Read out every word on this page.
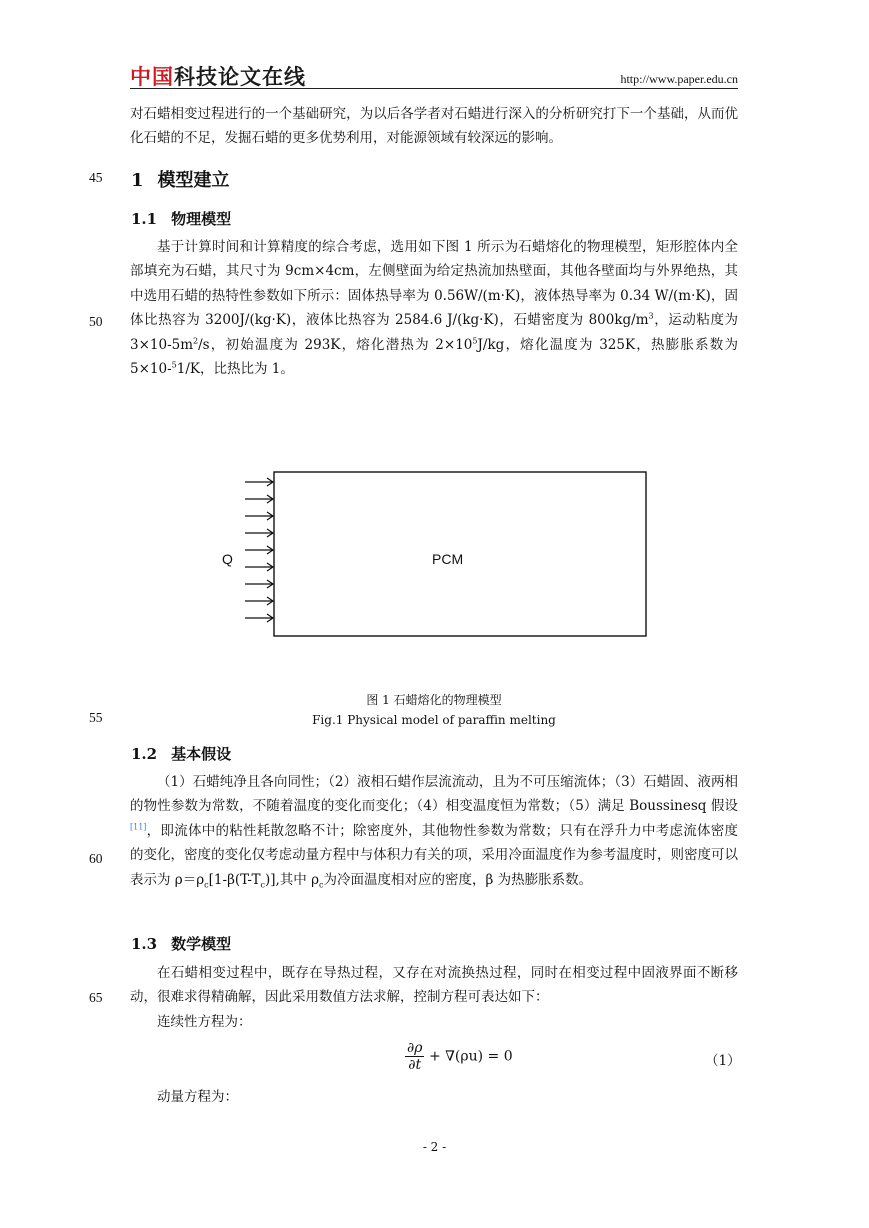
中国科技论文在线	http://www.paper.edu.cn

对石蜡相变过程进行的一个基础研究，为以后各学者对石蜡进行深入的分析研究打下一个基础，从而优化石蜡的不足，发掘石蜡的更多优势利用，对能源领域有较深远的影响。

45
50
55
60
65
1 模型建立
1.1 物理模型

基于计算时间和计算精度的综合考虑，选用如下图 1 所示为石蜡熔化的物理模型，矩形腔体内全部填充为石蜡，其尺寸为 9cm×4cm，左侧壁面为给定热流加热壁面，其他各壁面均与外界绝热，其中选用石蜡的热特性参数如下所示：固体热导率为 0.56W/(m·K)，液体热导率为 0.34 W/(m·K)，固体比热容为 3200J/(kg·K)，液体比热容为 2584.6 J/(kg·K)，石蜡密度为 $800kg/m^3$，运动粘度为 $3\times 10-5m^2/s$，初始温度为 293K，熔化潜热为 $2\times 10^5J/kg$，熔化温度为 325K，热膨胀系数为 5×10-$^5$1/K，比热比为 1。

Q	PCM
图 1 石蜡熔化的物理模型
Fig.1 Physical model of paraffin melting
1.2 基本假设

（1）石蜡纯净且各向同性；（2）液相石蜡作层流流动，且为不可压缩流体；（3）石蜡固、液两相的物性参数为常数，不随着温度的变化而变化；（4）相变温度恒为常数；（5）满足 Boussinesq 假设[11]，即流体中的粘性耗散忽略不计；除密度外，其他物性参数为常数；只有在浮升力中考虑流体密度的变化，密度的变化仅考虑动量方程中与体积力有关的项，采用冷面温度作为参考温度时，则密度可以表示为 $\rho=\rho_c[1-\beta(T-T_c)]$,其中 $\rho_c$为冷面温度相对应的密度，β 为热膨胀系数。

1.3 数学模型

在石蜡相变过程中，既存在导热过程，又存在对流换热过程，同时在相变过程中固液界面不断移动，很难求得精确解，因此采用数值方法求解，控制方程可表达如下：

连续性方程为：

$\frac{\partial\rho}{\partial t} + \nabla(\rho u) = 0$	（1）

动量方程为：

- 2 -
